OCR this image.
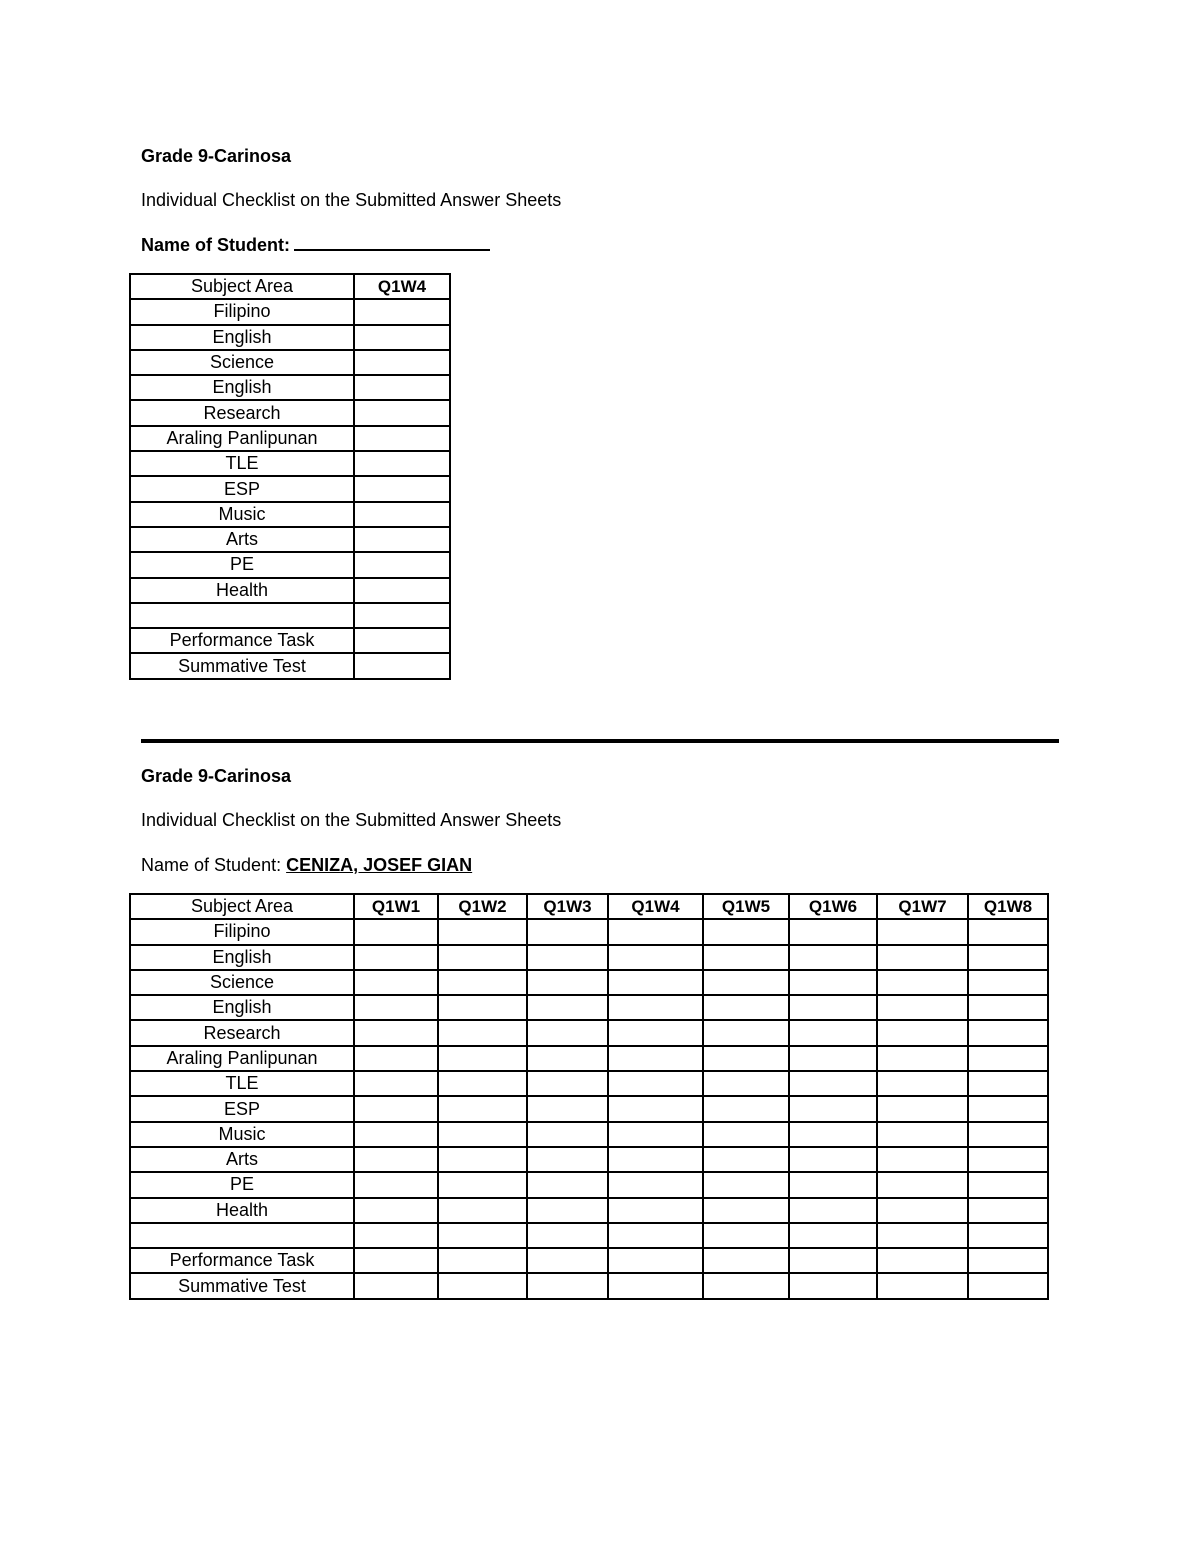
Grade 9-Carinosa
Individual Checklist on the Submitted Answer Sheets
Name of Student:
Subject Area	Q1W4
Filipino	
English	
Science	
English	
Research	
Araling Panlipunan	
TLE	
ESP	
Music	
Arts	
PE	
Health	

Performance Task	
Summative Test	
Grade 9-Carinosa
Individual Checklist on the Submitted Answer Sheets
Name of Student: CENIZA, JOSEF GIAN
Subject Area	Q1W1	Q1W2	Q1W3	Q1W4	Q1W5	Q1W6	Q1W7	Q1W8
Filipino								
English								
Science								
English								
Research								
Araling Panlipunan								
TLE								
ESP								
Music								
Arts								
PE								
Health								

Performance Task								
Summative Test								
